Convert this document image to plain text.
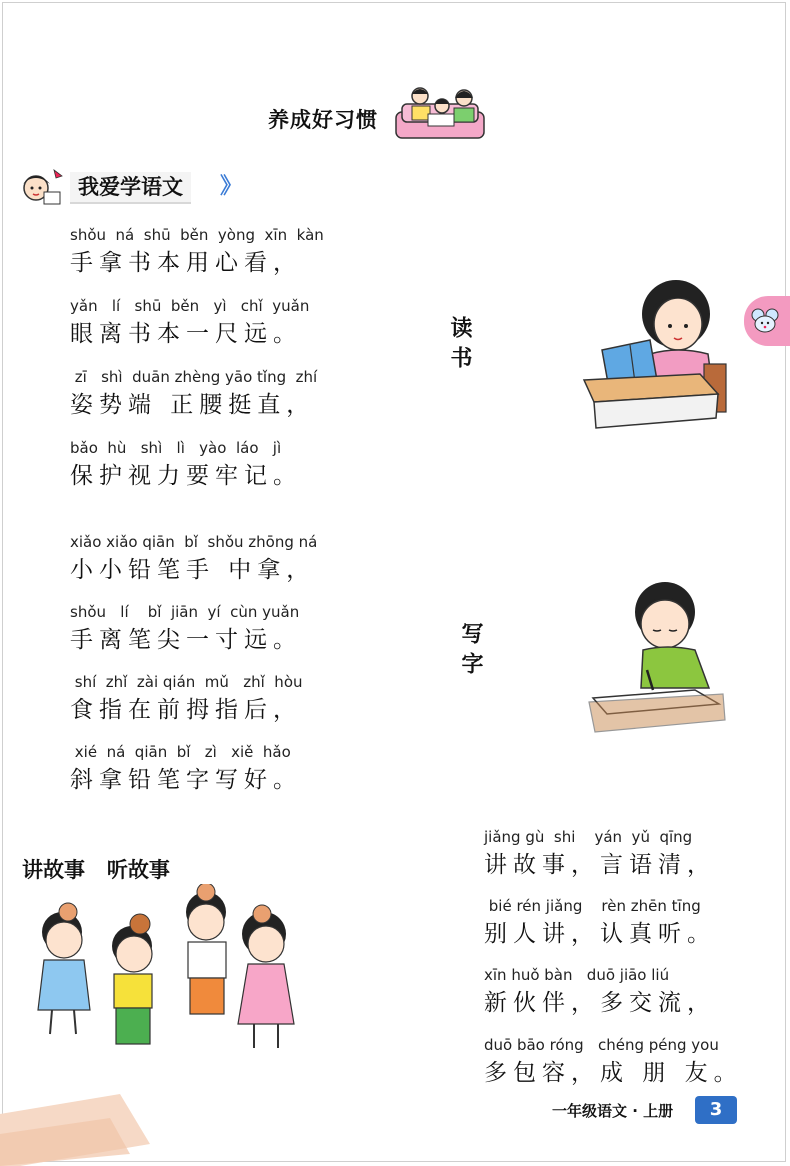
养成好习惯
我爱学语文	》
shǒu  ná  shū  běn  yòng  xīn  kàn
手拿书本用心看，
yǎn   lí   shū  běn   yì   chǐ  yuǎn
眼离书本一尺远。
zī   shì  duān zhèng yāo tǐng  zhí
姿势端 正腰挺直，
bǎo  hù   shì   lì   yào  láo   jì
保护视力要牢记。
读书
xiǎo xiǎo qiān  bǐ  shǒu zhōng ná
小小铅笔手 中拿，
shǒu   lí    bǐ  jiān  yí  cùn yuǎn
手离笔尖一寸远。
shí  zhǐ  zài qián  mǔ   zhǐ  hòu
食指在前拇指后，
xié  ná  qiān  bǐ   zì   xiě  hǎo
斜拿铅笔字写好。
写字
讲故事   听故事
jiǎng gù  shi    yán  yǔ  qīng
讲故事，言语清，
bié rén jiǎng    rèn zhēn tīng
别人讲，认真听。
xīn huǒ bàn   duō jiāo liú
新伙伴，多交流，
duō bāo róng   chéng péng you
多包容，成 朋 友。
一年级语文 · 上册	3
